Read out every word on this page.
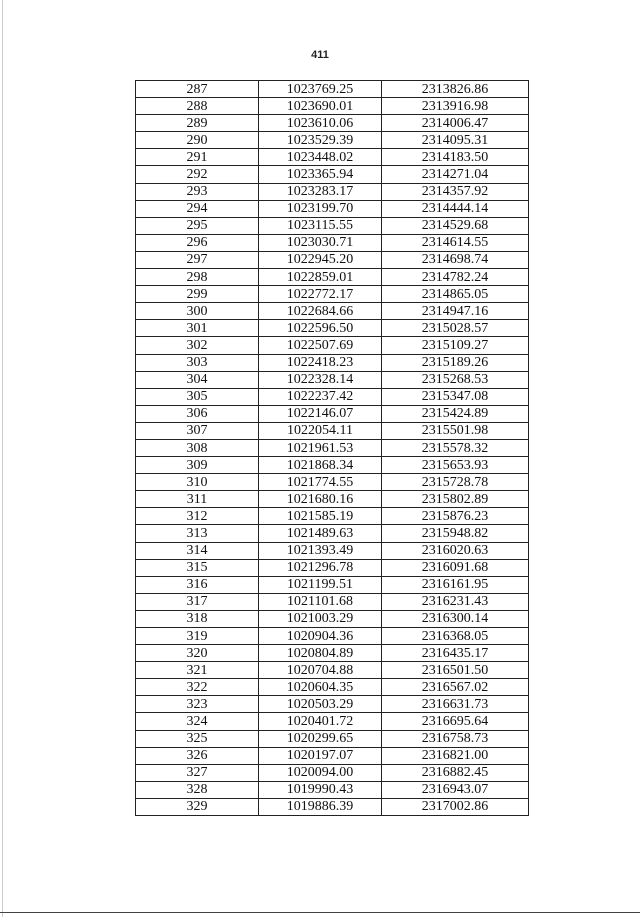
411
287	1023769.25	2313826.86
288	1023690.01	2313916.98
289	1023610.06	2314006.47
290	1023529.39	2314095.31
291	1023448.02	2314183.50
292	1023365.94	2314271.04
293	1023283.17	2314357.92
294	1023199.70	2314444.14
295	1023115.55	2314529.68
296	1023030.71	2314614.55
297	1022945.20	2314698.74
298	1022859.01	2314782.24
299	1022772.17	2314865.05
300	1022684.66	2314947.16
301	1022596.50	2315028.57
302	1022507.69	2315109.27
303	1022418.23	2315189.26
304	1022328.14	2315268.53
305	1022237.42	2315347.08
306	1022146.07	2315424.89
307	1022054.11	2315501.98
308	1021961.53	2315578.32
309	1021868.34	2315653.93
310	1021774.55	2315728.78
311	1021680.16	2315802.89
312	1021585.19	2315876.23
313	1021489.63	2315948.82
314	1021393.49	2316020.63
315	1021296.78	2316091.68
316	1021199.51	2316161.95
317	1021101.68	2316231.43
318	1021003.29	2316300.14
319	1020904.36	2316368.05
320	1020804.89	2316435.17
321	1020704.88	2316501.50
322	1020604.35	2316567.02
323	1020503.29	2316631.73
324	1020401.72	2316695.64
325	1020299.65	2316758.73
326	1020197.07	2316821.00
327	1020094.00	2316882.45
328	1019990.43	2316943.07
329	1019886.39	2317002.86
